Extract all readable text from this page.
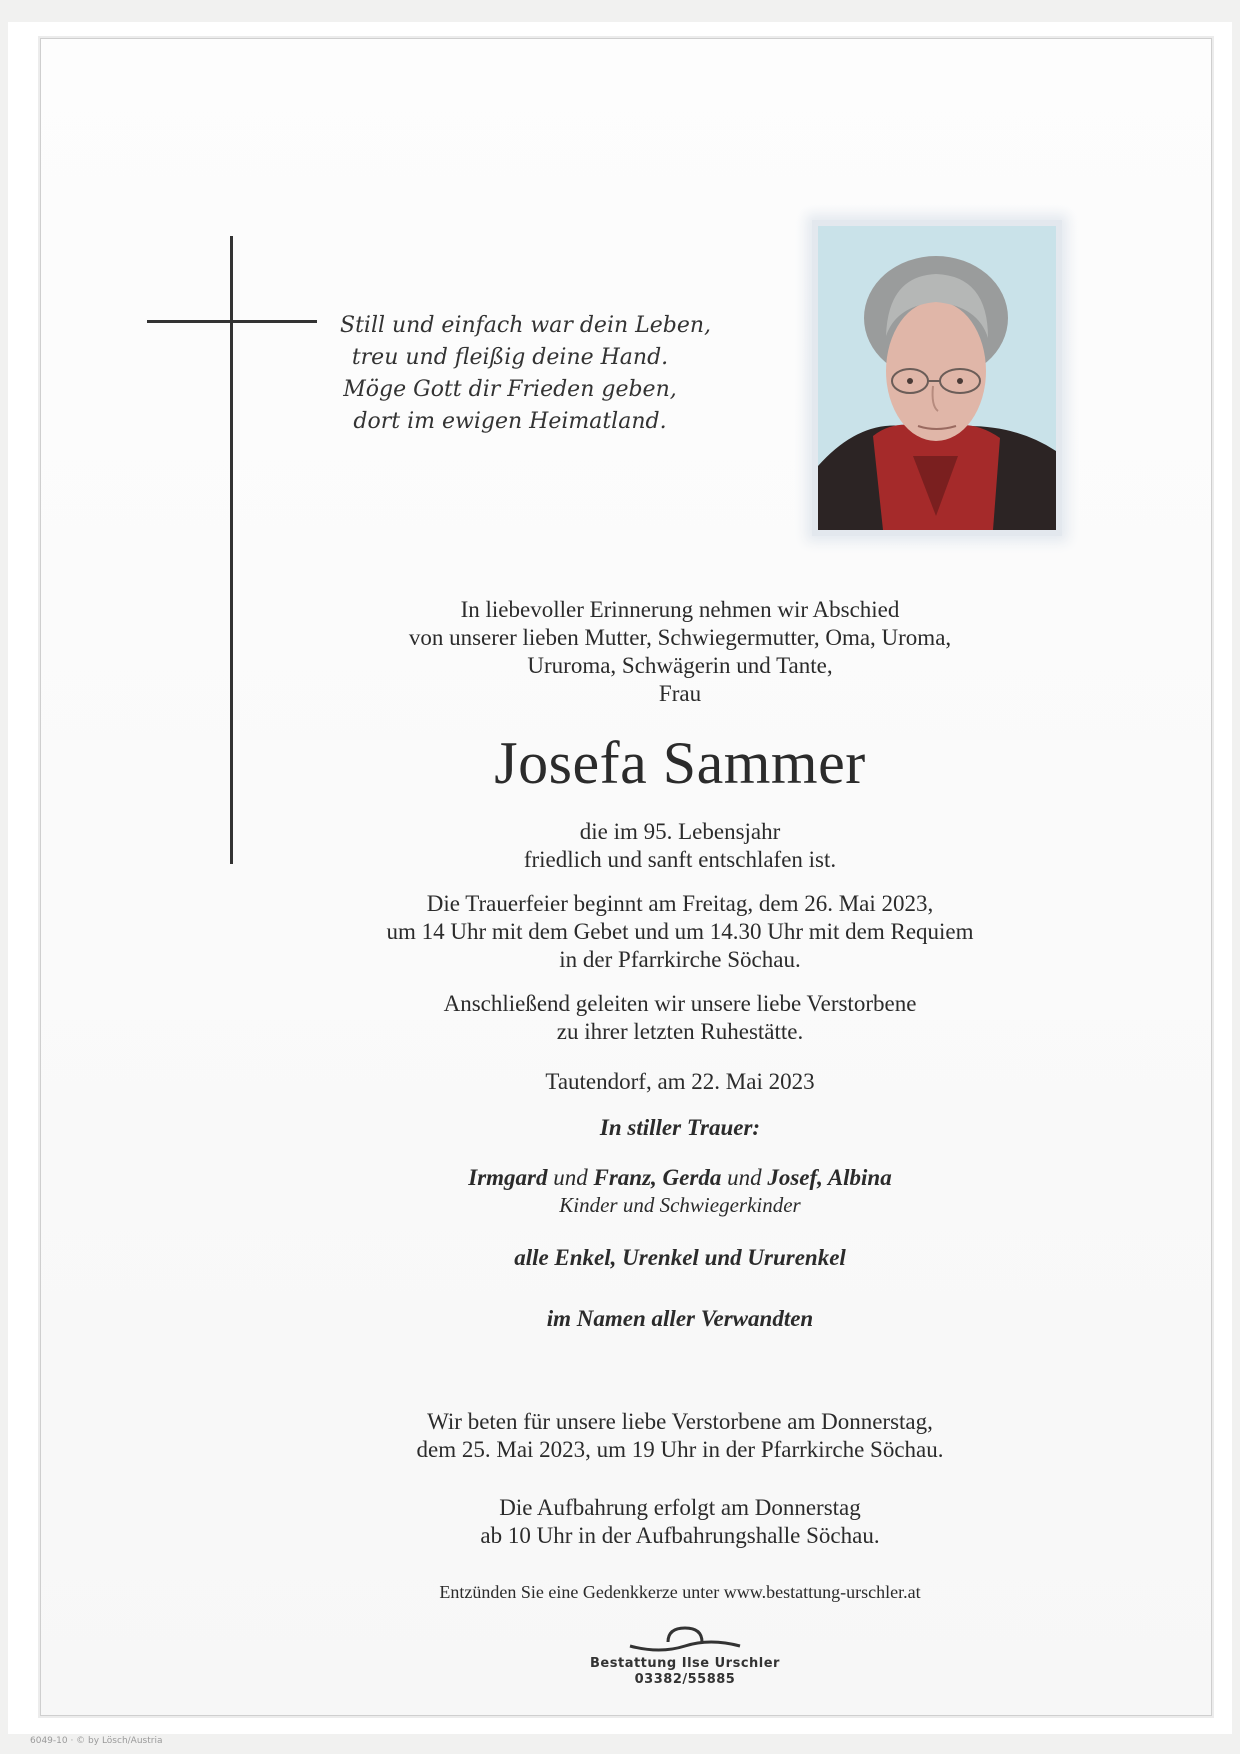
Still und einfach war dein Leben,
treu und fleißig deine Hand.
Möge Gott dir Frieden geben,
dort im ewigen Heimatland.
In liebevoller Erinnerung nehmen wir Abschied
von unserer lieben Mutter, Schwiegermutter, Oma, Uroma,
Ururoma, Schwägerin und Tante,
Frau
Josefa Sammer
die im 95. Lebensjahr
friedlich und sanft entschlafen ist.
Die Trauerfeier beginnt am Freitag, dem 26. Mai 2023,
um 14 Uhr mit dem Gebet und um 14.30 Uhr mit dem Requiem
in der Pfarrkirche Söchau.
Anschließend geleiten wir unsere liebe Verstorbene
zu ihrer letzten Ruhestätte.
Tautendorf, am 22. Mai 2023
In stiller Trauer:
Irmgard und Franz, Gerda und Josef, Albina
Kinder und Schwiegerkinder
alle Enkel, Urenkel und Ururenkel
im Namen aller Verwandten
Wir beten für unsere liebe Verstorbene am Donnerstag,
dem 25. Mai 2023, um 19 Uhr in der Pfarrkirche Söchau.
Die Aufbahrung erfolgt am Donnerstag
ab 10 Uhr in der Aufbahrungshalle Söchau.
Entzünden Sie eine Gedenkkerze unter www.bestattung-urschler.at
Bestattung Ilse Urschler
03382/55885
6049-10 · © by Lösch/Austria
